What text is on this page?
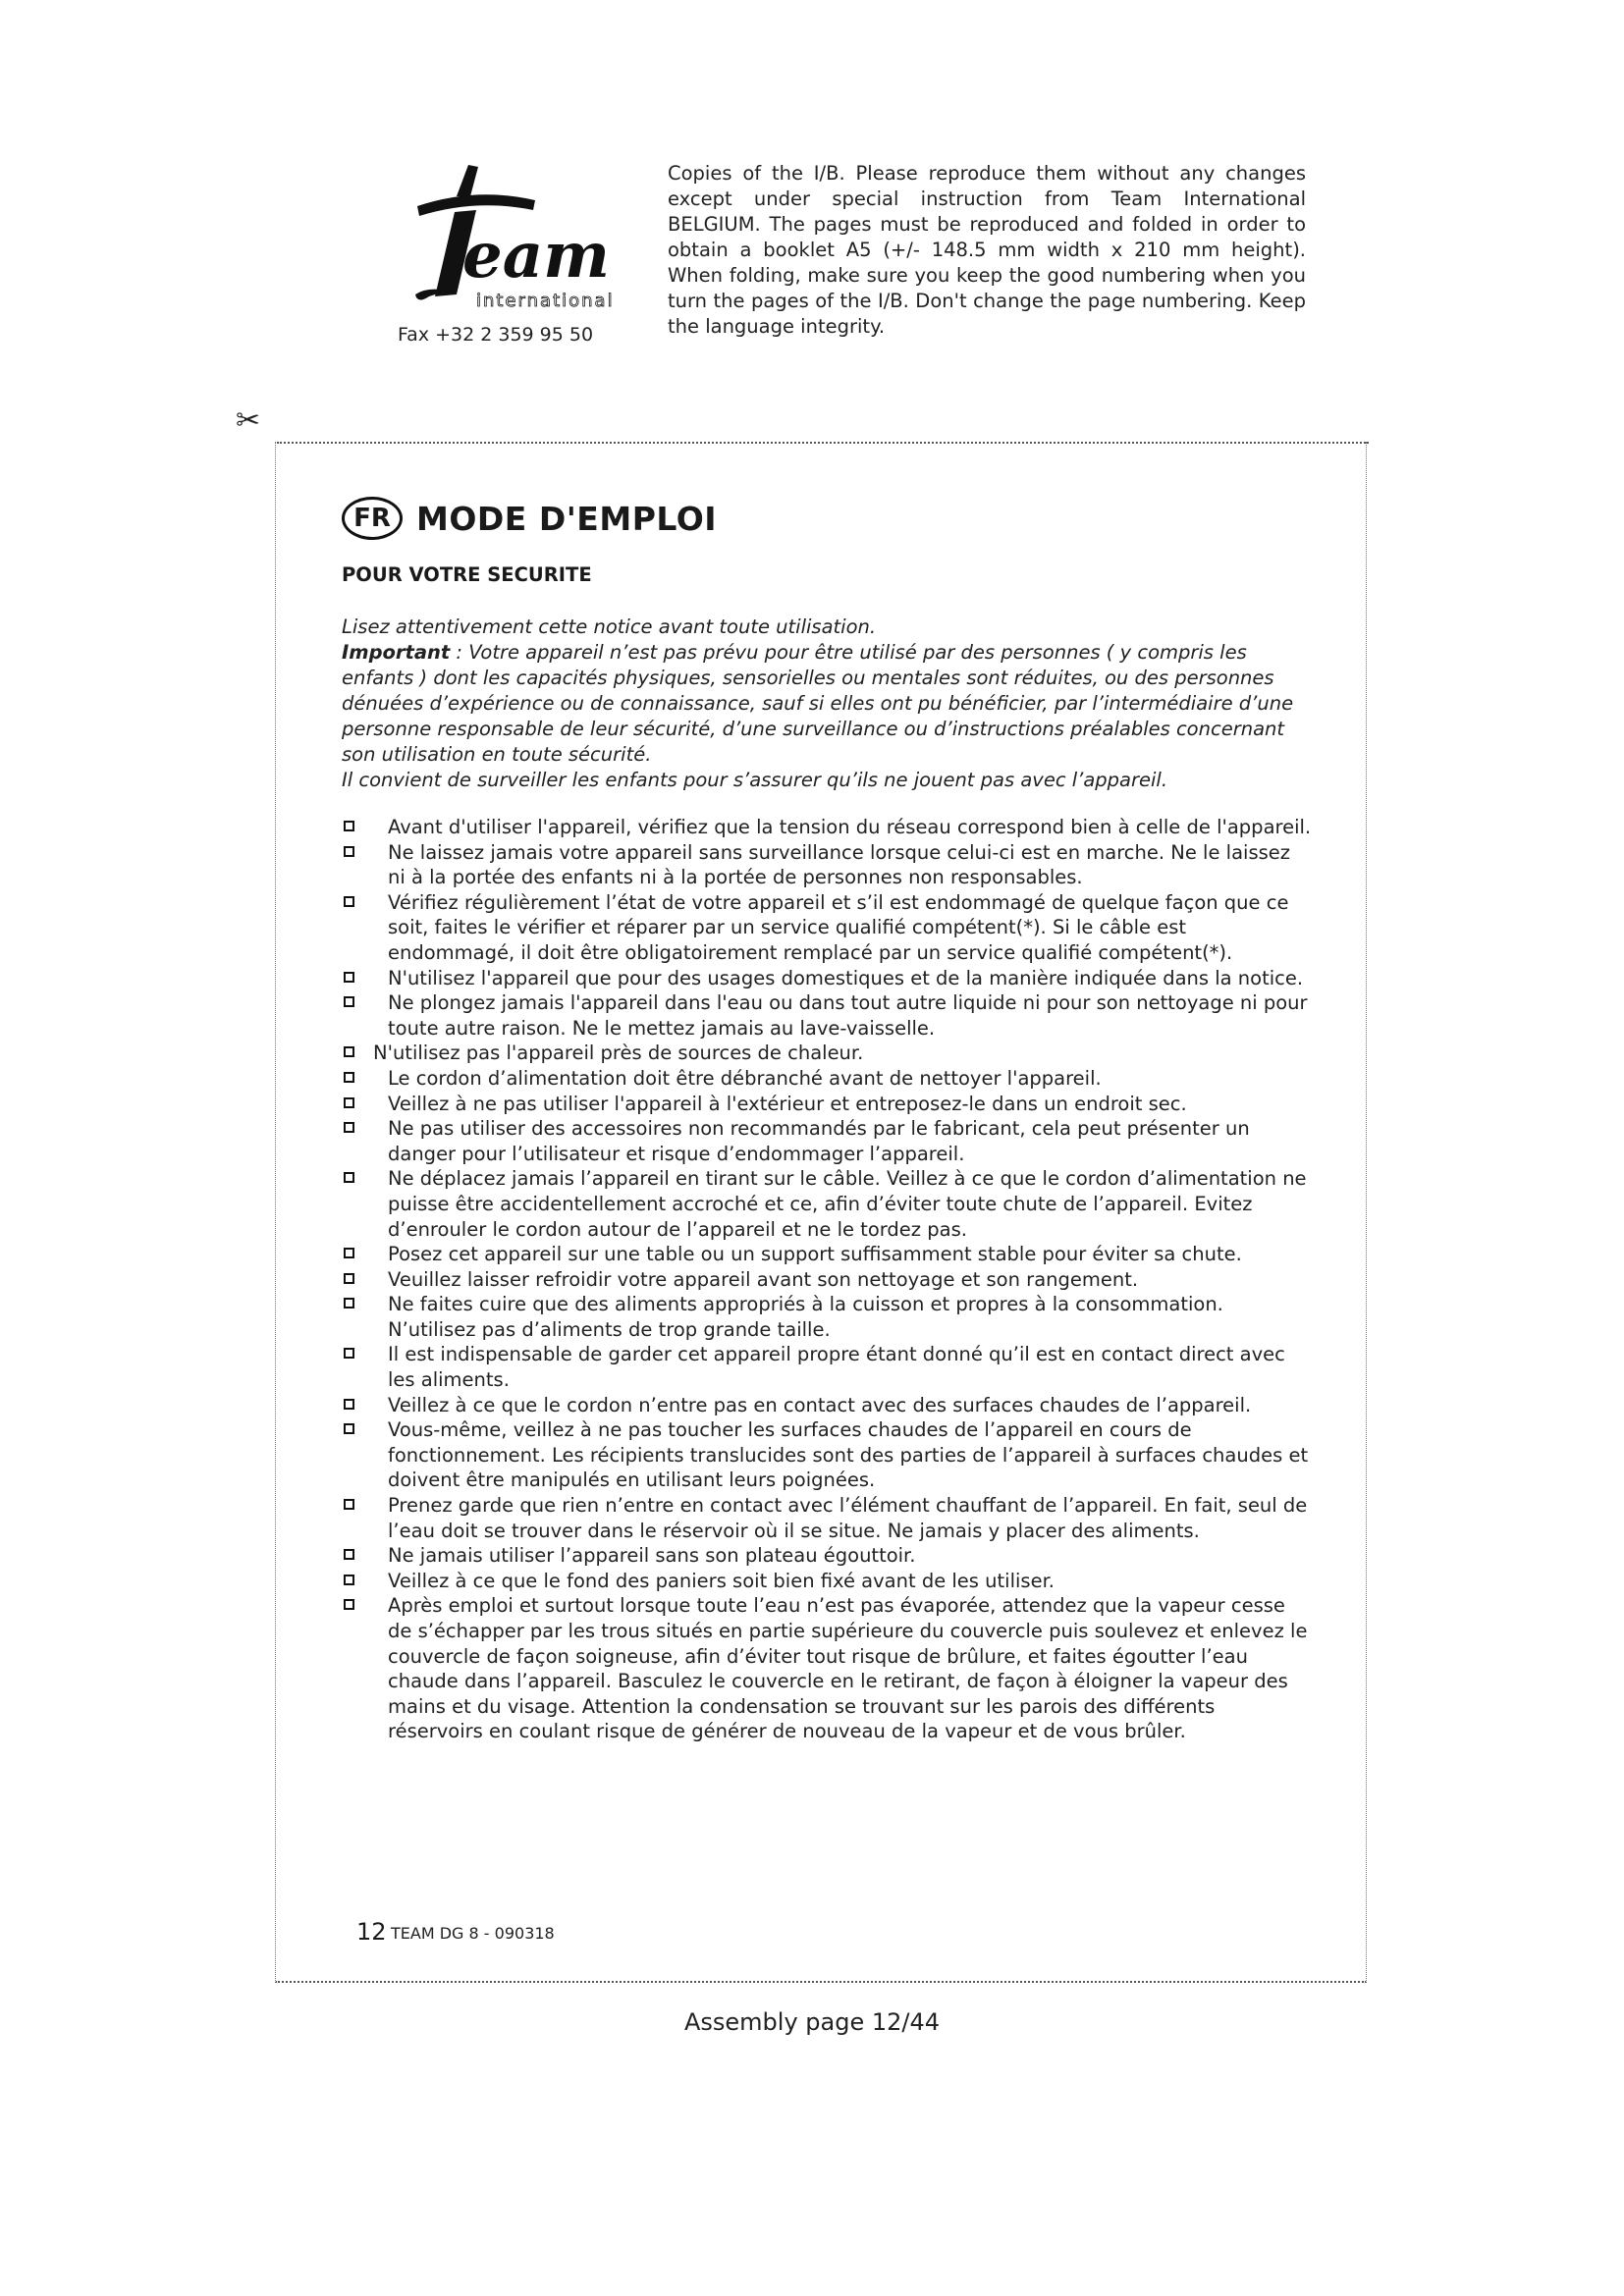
eam
international
Fax +32 2 359 95 50
Copies of the I/B. Please reproduce them without any changes except under special instruction from Team International BELGIUM. The pages must be reproduced and folded in order to obtain a booklet A5 (+/- 148.5 mm width x 210 mm height). When folding, make sure you keep the good numbering when you turn the pages of the I/B. Don't change the page numbering. Keep the language integrity.
✂
FR MODE D'EMPLOI
POUR VOTRE SECURITE

Lisez attentivement cette notice avant toute utilisation.

Important : Votre appareil n’est pas prévu pour être utilisé par des personnes ( y compris les enfants ) dont les capacités physiques, sensorielles ou mentales sont réduites, ou des personnes dénuées d’expérience ou de connaissance, sauf si elles ont pu bénéficier, par l’intermédiaire d’une personne responsable de leur sécurité, d’une surveillance ou d’instructions préalables concernant son utilisation en toute sécurité.

Il convient de surveiller les enfants pour s’assurer qu’ils ne jouent pas avec l’appareil.

Avant d'utiliser l'appareil, vérifiez que la tension du réseau correspond bien à celle de l'appareil.
Ne laissez jamais votre appareil sans surveillance lorsque celui-ci est en marche. Ne le laissez ni à la portée des enfants ni à la portée de personnes non responsables.
Vérifiez régulièrement l’état de votre appareil et s’il est endommagé de quelque façon que ce soit, faites le vérifier et réparer par un service qualifié compétent(*). Si le câble est endommagé, il doit être obligatoirement remplacé par un service qualifié compétent(*).
N'utilisez l'appareil que pour des usages domestiques et de la manière indiquée dans la notice.
Ne plongez jamais l'appareil dans l'eau ou dans tout autre liquide ni pour son nettoyage ni pour toute autre raison. Ne le mettez jamais au lave-vaisselle.
N'utilisez pas l'appareil près de sources de chaleur.
Le cordon d’alimentation doit être débranché avant de nettoyer l'appareil.
Veillez à ne pas utiliser l'appareil à l'extérieur et entreposez-le dans un endroit sec.
Ne pas utiliser des accessoires non recommandés par le fabricant, cela peut présenter un danger pour l’utilisateur et risque d’endommager l’appareil.
Ne déplacez jamais l’appareil en tirant sur le câble. Veillez à ce que le cordon d’alimentation ne puisse être accidentellement accroché et ce, afin d’éviter toute chute de l’appareil. Evitez d’enrouler le cordon autour de l’appareil et ne le tordez pas.
Posez cet appareil sur une table ou un support suffisamment stable pour éviter sa chute.
Veuillez laisser refroidir votre appareil avant son nettoyage et son rangement.
Ne faites cuire que des aliments appropriés à la cuisson et propres à la consommation. N’utilisez pas d’aliments de trop grande taille.
Il est indispensable de garder cet appareil propre étant donné qu’il est en contact direct avec les aliments.
Veillez à ce que le cordon n’entre pas en contact avec des surfaces chaudes de l’appareil.
Vous-même, veillez à ne pas toucher les surfaces chaudes de l’appareil en cours de fonctionnement. Les récipients translucides sont des parties de l’appareil à surfaces chaudes et doivent être manipulés en utilisant leurs poignées.
Prenez garde que rien n’entre en contact avec l’élément chauffant de l’appareil. En fait, seul de l’eau doit se trouver dans le réservoir où il se situe. Ne jamais y placer des aliments.
Ne jamais utiliser l’appareil sans son plateau égouttoir.
Veillez à ce que le fond des paniers soit bien fixé avant de les utiliser.
Après emploi et surtout lorsque toute l’eau n’est pas évaporée, attendez que la vapeur cesse de s’échapper par les trous situés en partie supérieure du couvercle puis soulevez et enlevez le couvercle de façon soigneuse, afin d’éviter tout risque de brûlure, et faites égoutter l’eau chaude dans l’appareil. Basculez le couvercle en le retirant, de façon à éloigner la vapeur des mains et du visage. Attention la condensation se trouvant sur les parois des différents réservoirs en coulant risque de générer de nouveau de la vapeur et de vous brûler.
12 TEAM DG 8 - 090318
Assembly page 12/44
